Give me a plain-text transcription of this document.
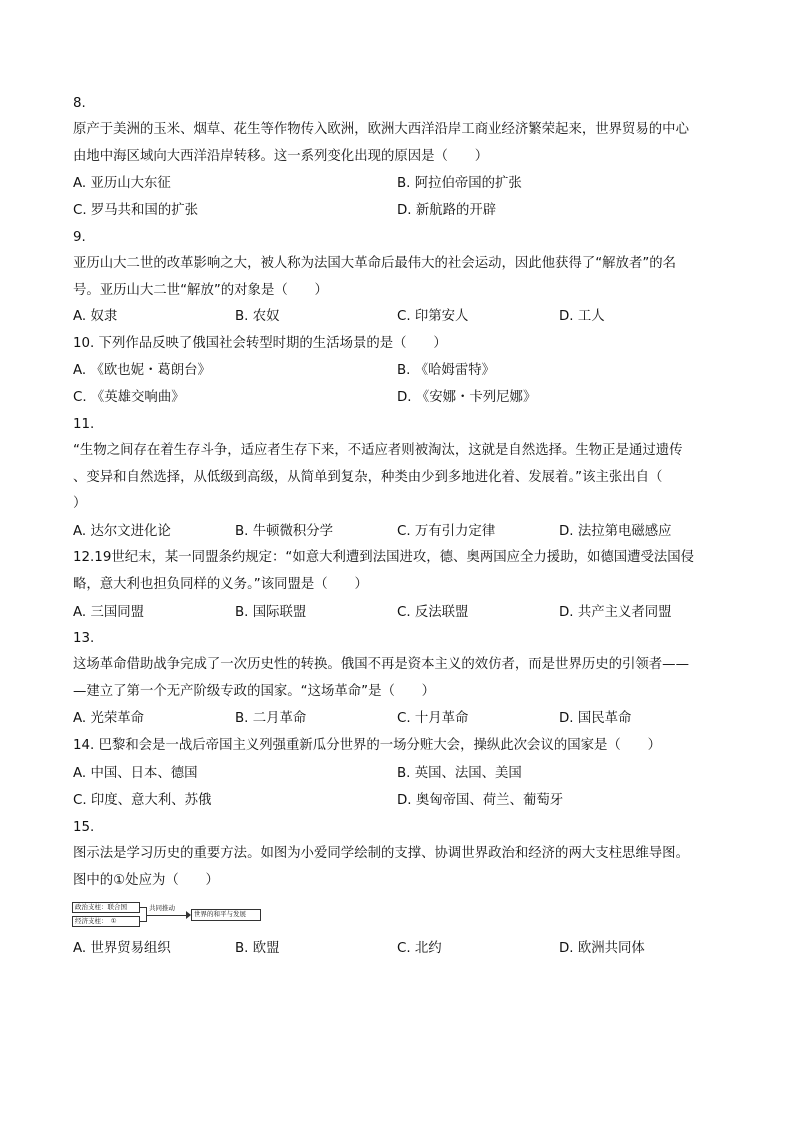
8.
原产于美洲的玉米、烟草、花生等作物传入欧洲，欧洲大西洋沿岸工商业经济繁荣起来，世界贸易的中心
由地中海区域向大西洋沿岸转移。这一系列变化出现的原因是（　　）
A. 亚历山大东征	B. 阿拉伯帝国的扩张
C. 罗马共和国的扩张	D. 新航路的开辟
9.
亚历山大二世的改革影响之大，被人称为法国大革命后最伟大的社会运动，因此他获得了“解放者”的名
号。亚历山大二世“解放”的对象是（　　）
A. 奴隶	B. 农奴	C. 印第安人	D. 工人
10. 下列作品反映了俄国社会转型时期的生活场景的是（　　）
A. 《欧也妮・葛朗台》	B. 《哈姆雷特》
C. 《英雄交响曲》	D. 《安娜・卡列尼娜》
11.
“生物之间存在着生存斗争，适应者生存下来，不适应者则被淘汰，这就是自然选择。生物正是通过遗传
、变异和自然选择，从低级到高级，从简单到复杂，种类由少到多地进化着、发展着。”该主张出自（
）
A. 达尔文进化论	B. 牛顿微积分学	C. 万有引力定律	D. 法拉第电磁感应
12.19世纪末，某一同盟条约规定：“如意大利遭到法国进攻，德、奥两国应全力援助，如德国遭受法国侵
略，意大利也担负同样的义务。”该同盟是（　　）
A. 三国同盟	B. 国际联盟	C. 反法联盟	D. 共产主义者同盟
13.
这场革命借助战争完成了一次历史性的转换。俄国不再是资本主义的效仿者，而是世界历史的引领者——
—建立了第一个无产阶级专政的国家。“这场革命”是（　　）
A. 光荣革命	B. 二月革命	C. 十月革命	D. 国民革命
14. 巴黎和会是一战后帝国主义列强重新瓜分世界的一场分赃大会，操纵此次会议的国家是（　　）
A. 中国、日本、德国	B. 英国、法国、美国
C. 印度、意大利、苏俄	D. 奥匈帝国、荷兰、葡萄牙
15.
图示法是学习历史的重要方法。如图为小爱同学绘制的支撑、协调世界政治和经济的两大支柱思维导图。
图中的①处应为（　　）
政治支柱：联合国
经济支柱：　①
共同推动
世界的和平与发展
A. 世界贸易组织	B. 欧盟	C. 北约	D. 欧洲共同体
